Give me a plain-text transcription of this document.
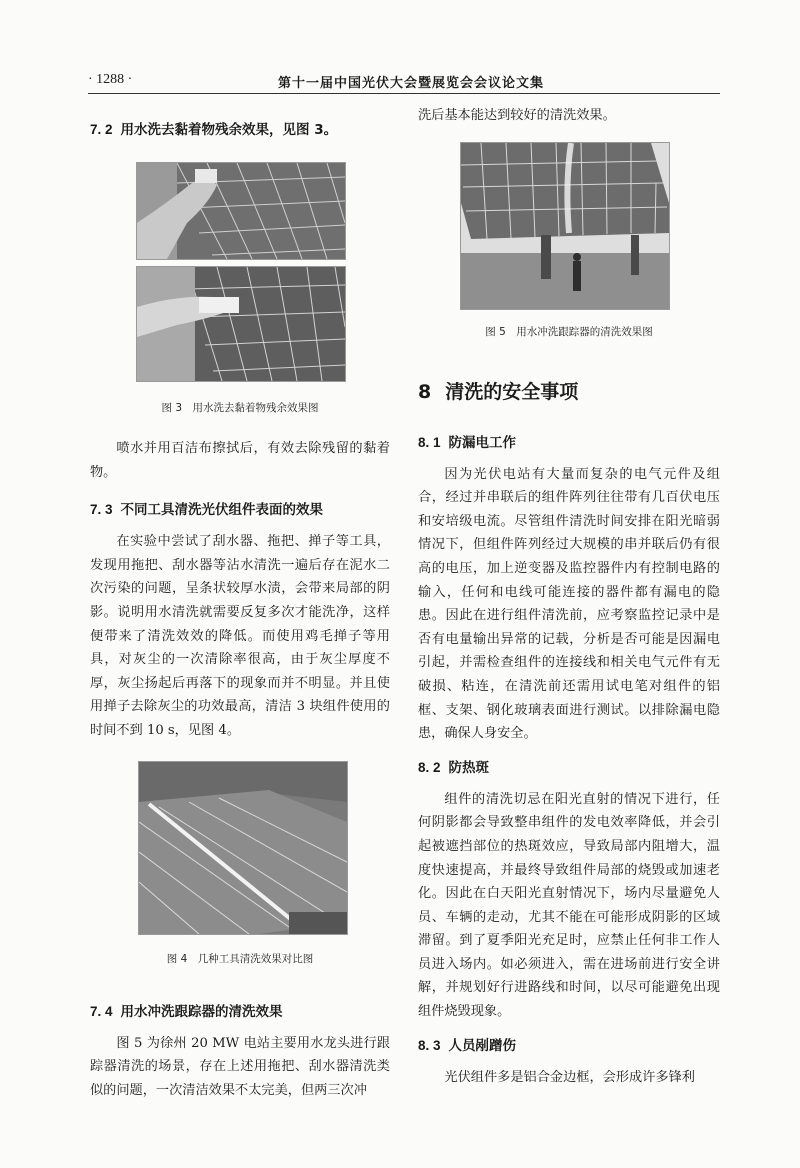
· 1288 ·	第十一届中国光伏大会暨展览会会议论文集
7. 2 用水洗去黏着物残余效果，见图 3。
图 3　用水洗去黏着物残余效果图

喷水并用百洁布擦拭后，有效去除残留的黏着物。

7. 3 不同工具清洗光伏组件表面的效果

在实验中尝试了刮水器、拖把、掸子等工具，发现用拖把、刮水器等沾水清洗一遍后存在泥水二次污染的问题，呈条状较厚水渍，会带来局部的阴影。说明用水清洗就需要反复多次才能洗净，这样便带来了清洗效效的降低。而使用鸡毛掸子等用具，对灰尘的一次清除率很高，由于灰尘厚度不厚，灰尘扬起后再落下的现象而并不明显。并且使用掸子去除灰尘的功效最高，清洁 3 块组件使用的时间不到 10 s，见图 4。

图 4　几种工具清洗效果对比图
7. 4 用水冲洗跟踪器的清洗效果

图 5 为徐州 20 MW 电站主要用水龙头进行跟踪器清洗的场景，存在上述用拖把、刮水器清洗类似的问题，一次清洁效果不太完美，但两三次冲

洗后基本能达到较好的清洗效果。

图 5　用水冲洗跟踪器的清洗效果图
8 清洗的安全事项
8. 1 防漏电工作

因为光伏电站有大量而复杂的电气元件及组合，经过并串联后的组件阵列往往带有几百伏电压和安培级电流。尽管组件清洗时间安排在阳光暗弱情况下，但组件阵列经过大规模的串并联后仍有很高的电压，加上逆变器及监控器件内有控制电路的输入，任何和电线可能连接的器件都有漏电的隐患。因此在进行组件清洗前，应考察监控记录中是否有电量输出异常的记载，分析是否可能是因漏电引起，并需检查组件的连接线和相关电气元件有无破损、粘连，在清洗前还需用试电笔对组件的铝框、支架、钢化玻璃表面进行测试。以排除漏电隐患，确保人身安全。

8. 2 防热斑

组件的清洗切忌在阳光直射的情况下进行，任何阴影都会导致整串组件的发电效率降低，并会引起被遮挡部位的热斑效应，导致局部内阻增大，温度快速提高，并最终导致组件局部的烧毁或加速老化。因此在白天阳光直射情况下，场内尽量避免人员、车辆的走动，尤其不能在可能形成阴影的区域滞留。到了夏季阳光充足时，应禁止任何非工作人员进入场内。如必须进入，需在进场前进行安全讲解，并规划好行进路线和时间，以尽可能避免出现组件烧毁现象。

8. 3 人员剐蹭伤

光伏组件多是铝合金边框，会形成许多锋利
